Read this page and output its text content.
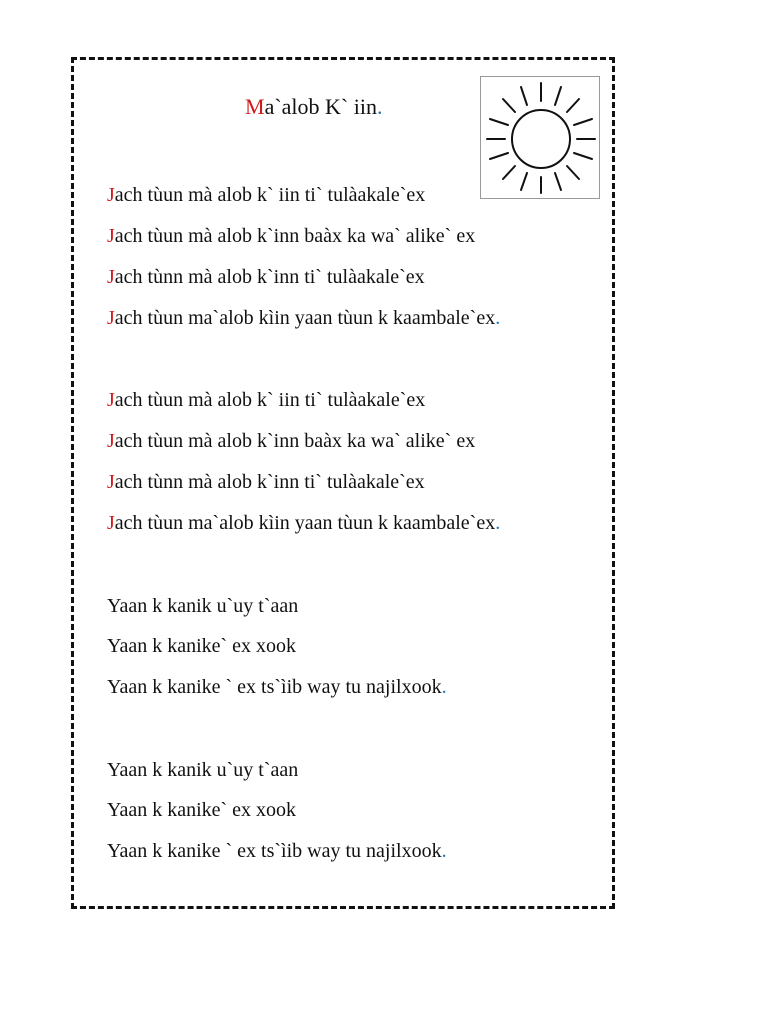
Ma`alob K` iin.
Jach tùun mà alob k` iin ti` tulàakale`ex
Jach tùun mà alob k`inn baàx ka wa` alike` ex
Jach tùnn mà alob k`inn ti` tulàakale`ex
Jach tùun ma`alob kìin yaan tùun k kaambale`ex.
Jach tùun mà alob k` iin ti` tulàakale`ex
Jach tùun mà alob k`inn baàx ka wa` alike` ex
Jach tùnn mà alob k`inn ti` tulàakale`ex
Jach tùun ma`alob kìin yaan tùun k kaambale`ex.
Yaan k kanik u`uy t`aan
Yaan k kanike` ex xook
Yaan k kanike ` ex ts`ìib way tu najilxook.
Yaan k kanik u`uy t`aan
Yaan k kanike` ex xook
Yaan k kanike ` ex ts`ìib way tu najilxook.
